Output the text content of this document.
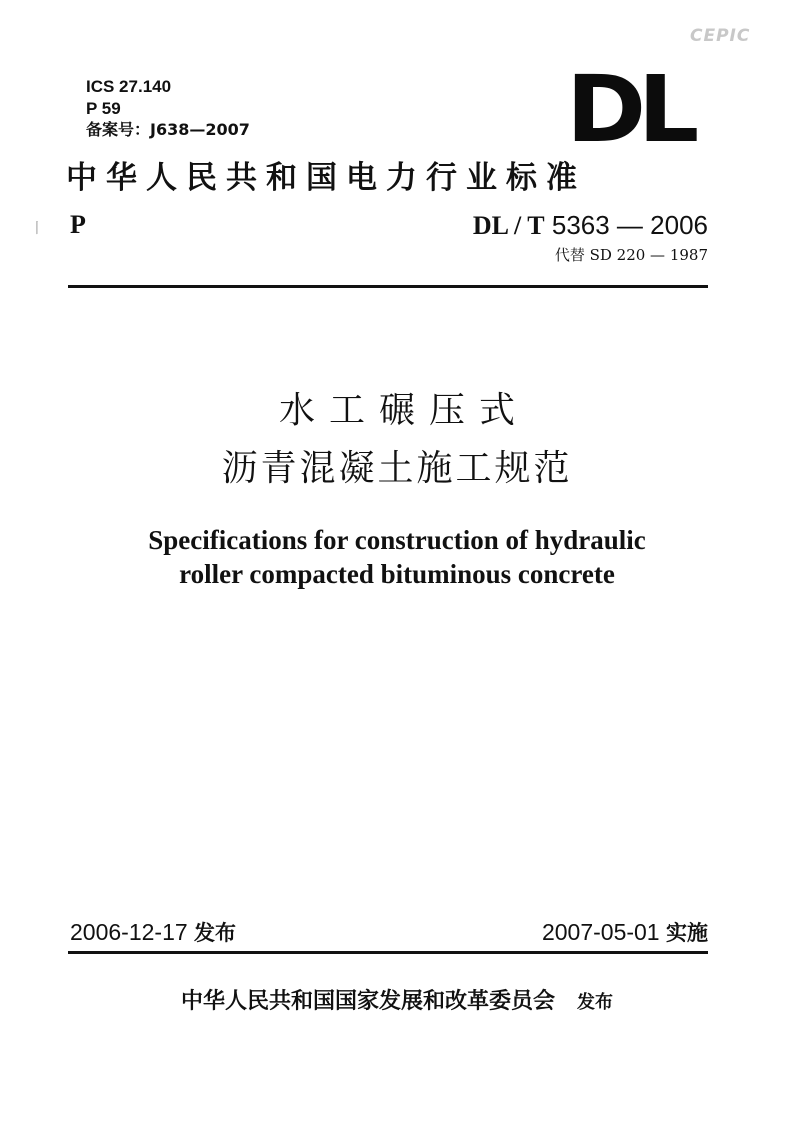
CEPIC
ICS 27.140
P 59
备案号：J638—2007	DL
中华人民共和国电力行业标准
丨 P	DL / T 5363 — 2006
代替 SD 220 — 1987
水工碾压式
沥青混凝土施工规范
Specifications for construction of hydraulic
roller compacted bituminous concrete
2006-12-17 发布	2007-05-01 实施
中华人民共和国国家发展和改革委员会 发布
